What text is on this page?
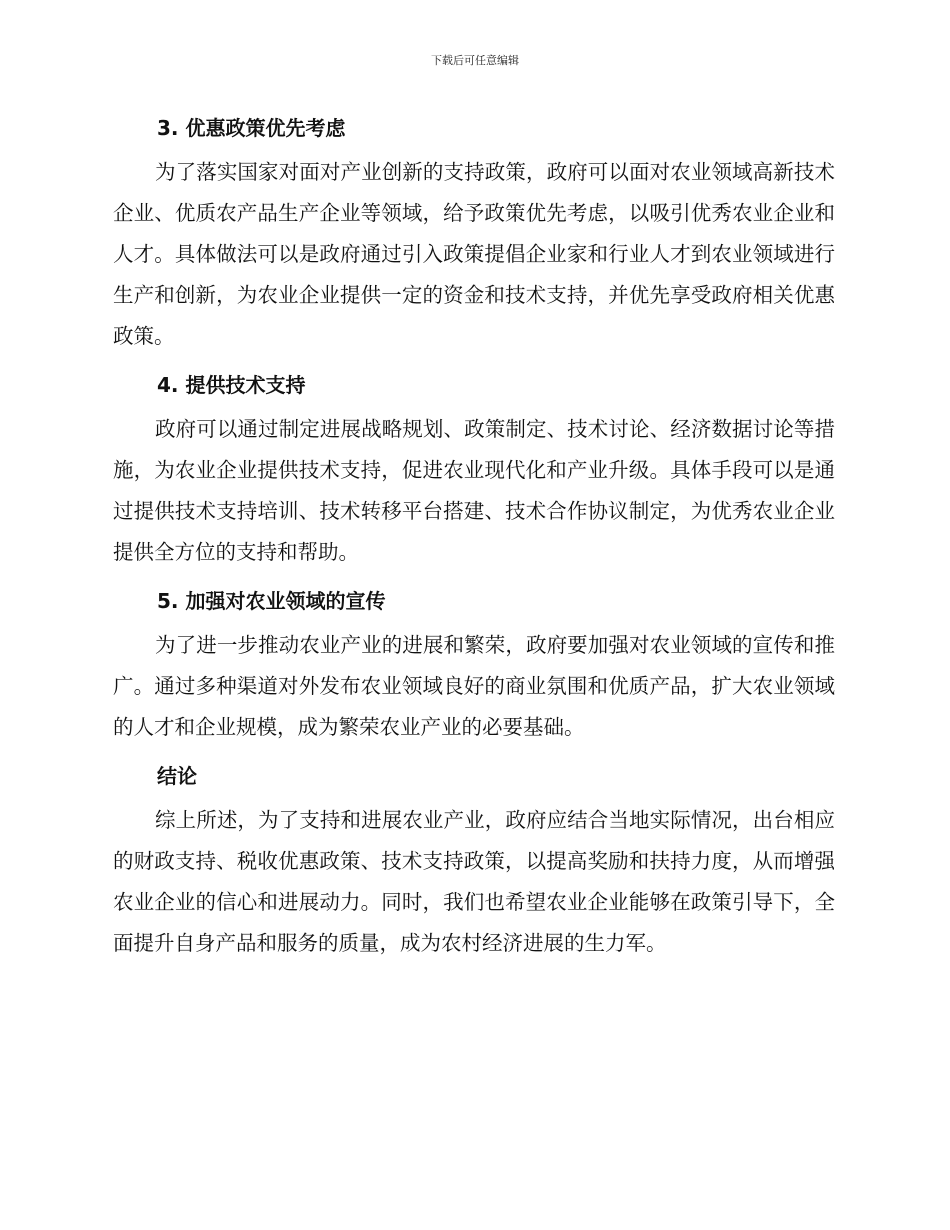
下载后可任意编辑
3. 优惠政策优先考虑

为了落实国家对面对产业创新的支持政策，政府可以面对农业领域高新技术企业、优质农产品生产企业等领域，给予政策优先考虑，以吸引优秀农业企业和人才。具体做法可以是政府通过引入政策提倡企业家和行业人才到农业领域进行生产和创新，为农业企业提供一定的资金和技术支持，并优先享受政府相关优惠政策。

4. 提供技术支持

政府可以通过制定进展战略规划、政策制定、技术讨论、经济数据讨论等措施，为农业企业提供技术支持，促进农业现代化和产业升级。具体手段可以是通过提供技术支持培训、技术转移平台搭建、技术合作协议制定，为优秀农业企业提供全方位的支持和帮助。

5. 加强对农业领域的宣传

为了进一步推动农业产业的进展和繁荣，政府要加强对农业领域的宣传和推广。通过多种渠道对外发布农业领域良好的商业氛围和优质产品，扩大农业领域的人才和企业规模，成为繁荣农业产业的必要基础。

结论

综上所述，为了支持和进展农业产业，政府应结合当地实际情况，出台相应的财政支持、税收优惠政策、技术支持政策，以提高奖励和扶持力度，从而增强农业企业的信心和进展动力。同时，我们也希望农业企业能够在政策引导下，全面提升自身产品和服务的质量，成为农村经济进展的生力军。
